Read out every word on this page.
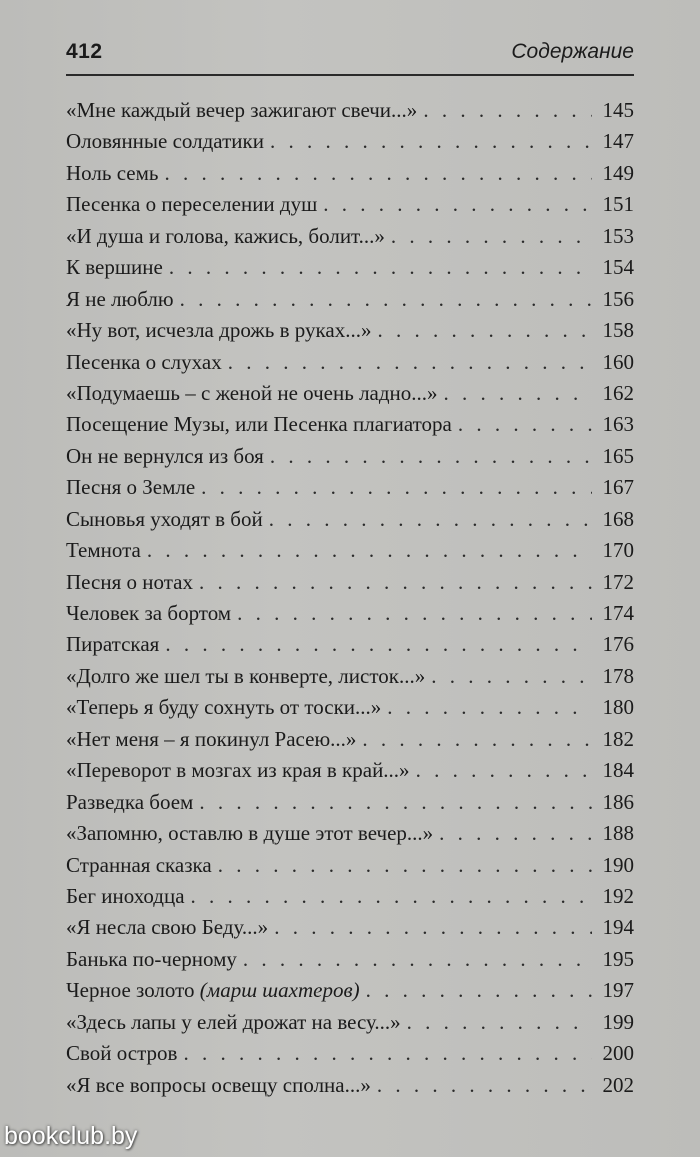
412	Содержание
«Мне каждый вечер зажигают свечи...» . . .	145
Оловянные солдатики . . .	147
Ноль семь . . .	149
Песенка о переселении душ . . .	151
«И душа и голова, кажись, болит...» . . .	153
К вершине . . .	154
Я не люблю . . .	156
«Ну вот, исчезла дрожь в руках...» . . .	158
Песенка о слухах . . .	160
«Подумаешь – с женой не очень ладно...» . . .	162
Посещение Музы, или Песенка плагиатора . . .	163
Он не вернулся из боя . . .	165
Песня о Земле . . .	167
Сыновья уходят в бой . . .	168
Темнота . . .	170
Песня о нотах . . .	172
Человек за бортом . . .	174
Пиратская . . .	176
«Долго же шел ты в конверте, листок...» . . .	178
«Теперь я буду сохнуть от тоски...» . . .	180
«Нет меня – я покинул Расею...» . . .	182
«Переворот в мозгах из края в край...» . . .	184
Разведка боем . . .	186
«Запомню, оставлю в душе этот вечер...» . . .	188
Странная сказка . . .	190
Бег иноходца . . .	192
«Я несла свою Беду...» . . .	194
Банька по-черному . . .	195
Черное золото (марш шахтеров) . . .	197
«Здесь лапы у елей дрожат на весу...» . . .	199
Свой остров . . .	200
«Я все вопросы освещу сполна...» . . .	202
bookclub.by
